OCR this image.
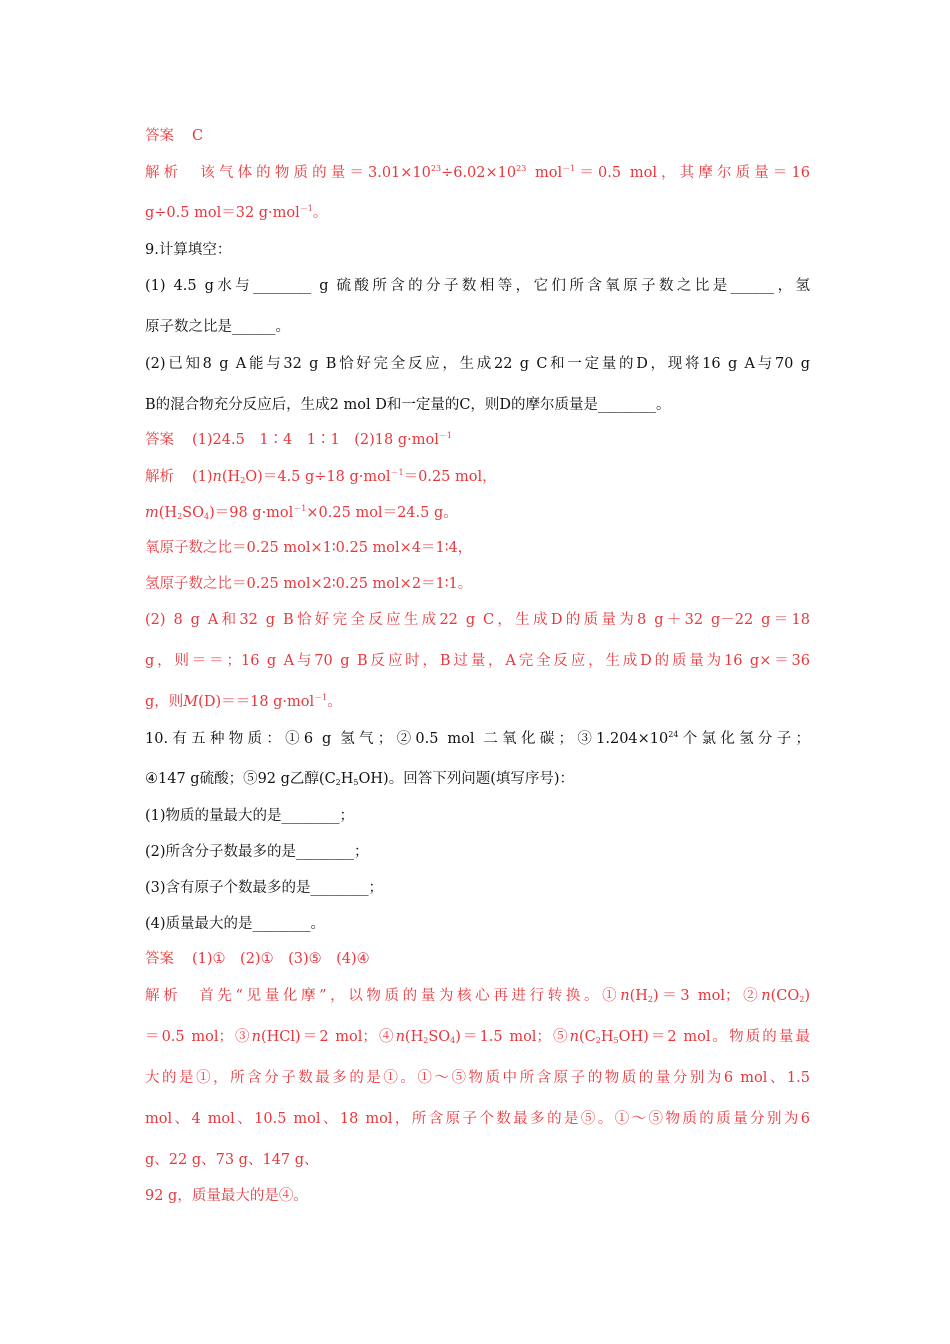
答案 C
解析 该气体的物质的量$=3.01\times 10^{23}\div 6.02\times 10^{23}$ mol$^{-1}$＝0.5 mol，其摩尔质量＝16
g÷0.5 mol＝32 g·mol$^{-1}$。
9.计算填空：
(1) 4.5 g水与________ g 硫酸所含的分子数相等，它们所含氧原子数之比是______，氢
原子数之比是______。
(2)已知8 g A能与32 g B恰好完全反应，生成22 g C和一定量的D，现将16 g A与70 g
B的混合物充分反应后，生成2 mol D和一定量的C，则D的摩尔质量是________。
答案 (1)24.5　1∶4　1∶1　(2)18 g·mol$^{-1}$
解析 $(1)n(H_2O)=4.5$ g÷18 g·mol$^{-1}$＝0.25 mol，
$m(H_2SO_4)=98$ g·mol$^{-1}$×0.25 mol＝24.5 g。
氧原子数之比＝0.25 mol×1∶0.25 mol×4＝1∶4，
氢原子数之比＝0.25 mol×2∶0.25 mol×2＝1∶1。
(2) 8 g A和32 g B恰好完全反应生成22 g C，生成D的质量为8 g＋32 g－22 g＝18
g，则＝＝；16 g A与70 g B反应时，B过量，A完全反应，生成D的质量为16 g×＝36
g，则M(D)＝＝18 g·mol$^{-1}$。
10.有五种物质：①6 g 氢气；②0.5 mol 二氧化碳；$③1.204\times 10^{24}$个氯化氢分子；
④147 g硫酸；⑤92 g乙醇$(C_2H_5OH)$。回答下列问题(填写序号)：
(1)物质的量最大的是________；
(2)所含分子数最多的是________；
(3)含有原子个数最多的是________；
(4)质量最大的是________。
答案 (1)①　(2)①　(3)⑤　(4)④
解析 首先“见量化摩”，以物质的量为核心再进行转换。$①n(H_2)=3$ mol；$②n(CO_2)$
＝0.5 mol；③n(HCl)＝2 mol；$④n(H_2SO_4)=1.5$ mol；$⑤n(C_2H_5OH)=2$ mol。物质的量最
大的是①，所含分子数最多的是①。①～⑤物质中所含原子的物质的量分别为6 mol、1.5
mol、4 mol、10.5 mol、18 mol，所含原子个数最多的是⑤。①～⑤物质的质量分别为6
g、22 g、73 g、147 g、
92 g，质量最大的是④。
